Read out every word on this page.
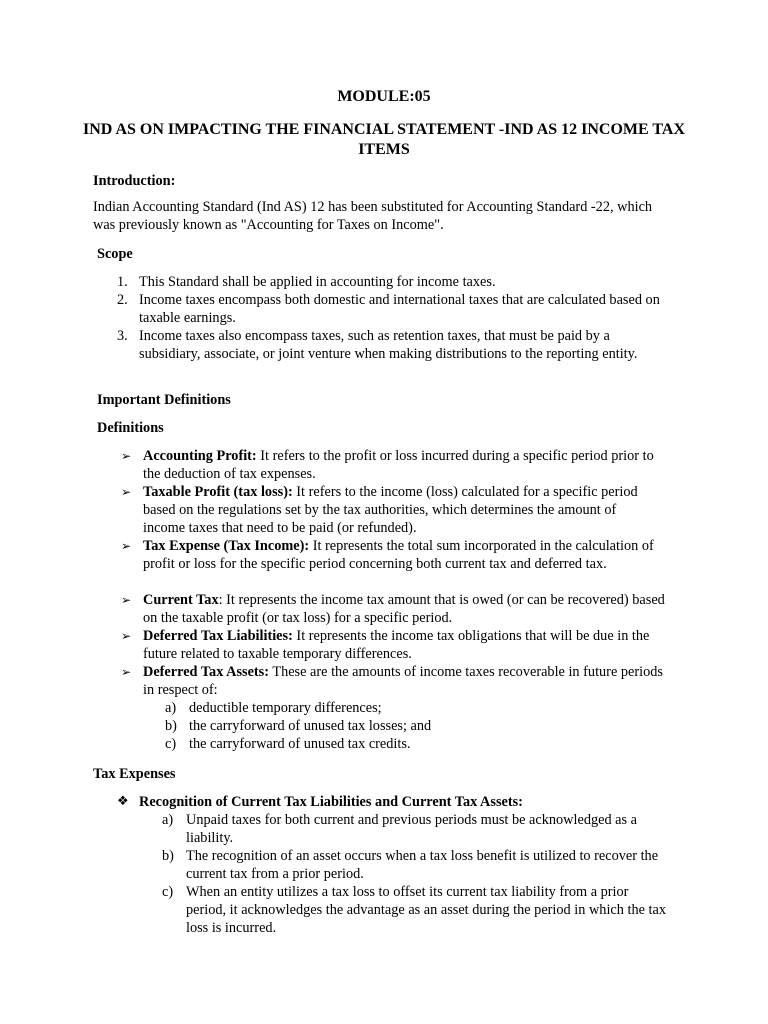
MODULE:05
IND AS ON IMPACTING THE FINANCIAL STATEMENT -IND AS 12 INCOME TAX ITEMS
Introduction:
Indian Accounting Standard (Ind AS) 12 has been substituted for Accounting Standard -22, which was previously known as "Accounting for Taxes on Income".
Scope
1. This Standard shall be applied in accounting for income taxes.
2. Income taxes encompass both domestic and international taxes that are calculated based on taxable earnings.
3. Income taxes also encompass taxes, such as retention taxes, that must be paid by a subsidiary, associate, or joint venture when making distributions to the reporting entity.
Important Definitions
Definitions
➢ Accounting Profit: It refers to the profit or loss incurred during a specific period prior to the deduction of tax expenses.
➢ Taxable Profit (tax loss): It refers to the income (loss) calculated for a specific period based on the regulations set by the tax authorities, which determines the amount of income taxes that need to be paid (or refunded).
➢ Tax Expense (Tax Income): It represents the total sum incorporated in the calculation of profit or loss for the specific period concerning both current tax and deferred tax.
➢ Current Tax: It represents the income tax amount that is owed (or can be recovered) based on the taxable profit (or tax loss) for a specific period.
➢ Deferred Tax Liabilities: It represents the income tax obligations that will be due in the future related to taxable temporary differences.
➢ Deferred Tax Assets: These are the amounts of income taxes recoverable in future periods in respect of:
a) deductible temporary differences;
b) the carryforward of unused tax losses; and
c) the carryforward of unused tax credits.
Tax Expenses
❖ Recognition of Current Tax Liabilities and Current Tax Assets:
a) Unpaid taxes for both current and previous periods must be acknowledged as a liability.
b) The recognition of an asset occurs when a tax loss benefit is utilized to recover the current tax from a prior period.
c) When an entity utilizes a tax loss to offset its current tax liability from a prior period, it acknowledges the advantage as an asset during the period in which the tax loss is incurred.
